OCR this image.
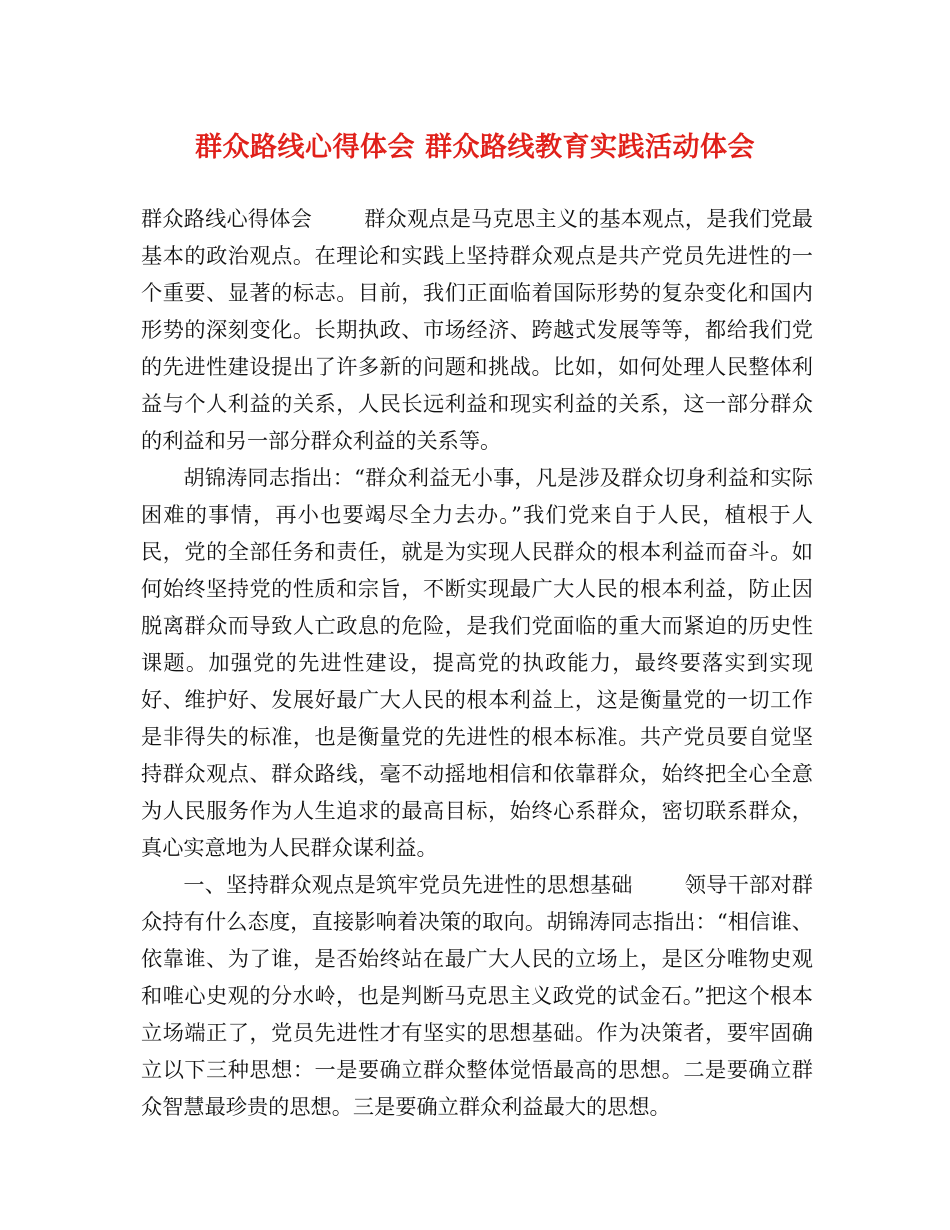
群众路线心得体会 群众路线教育实践活动体会

群众路线心得体会 群众观点是马克思主义的基本观点，是我们党最基本的政治观点。在理论和实践上坚持群众观点是共产党员先进性的一个重要、显著的标志。目前，我们正面临着国际形势的复杂变化和国内形势的深刻变化。长期执政、市场经济、跨越式发展等等，都给我们党的先进性建设提出了许多新的问题和挑战。比如，如何处理人民整体利益与个人利益的关系，人民长远利益和现实利益的关系，这一部分群众的利益和另一部分群众利益的关系等。

胡锦涛同志指出：“群众利益无小事，凡是涉及群众切身利益和实际困难的事情，再小也要竭尽全力去办。”我们党来自于人民，植根于人民，党的全部任务和责任，就是为实现人民群众的根本利益而奋斗。如何始终坚持党的性质和宗旨，不断实现最广大人民的根本利益，防止因脱离群众而导致人亡政息的危险，是我们党面临的重大而紧迫的历史性课题。加强党的先进性建设，提高党的执政能力，最终要落实到实现好、维护好、发展好最广大人民的根本利益上，这是衡量党的一切工作是非得失的标准，也是衡量党的先进性的根本标准。共产党员要自觉坚持群众观点、群众路线，毫不动摇地相信和依靠群众，始终把全心全意为人民服务作为人生追求的最高目标，始终心系群众，密切联系群众，真心实意地为人民群众谋利益。

一、坚持群众观点是筑牢党员先进性的思想基础 领导干部对群众持有什么态度，直接影响着决策的取向。胡锦涛同志指出：“相信谁、依靠谁、为了谁，是否始终站在最广大人民的立场上，是区分唯物史观和唯心史观的分水岭，也是判断马克思主义政党的试金石。”把这个根本立场端正了，党员先进性才有坚实的思想基础。作为决策者，要牢固确立以下三种思想：一是要确立群众整体觉悟最高的思想。二是要确立群众智慧最珍贵的思想。三是要确立群众利益最大的思想。
